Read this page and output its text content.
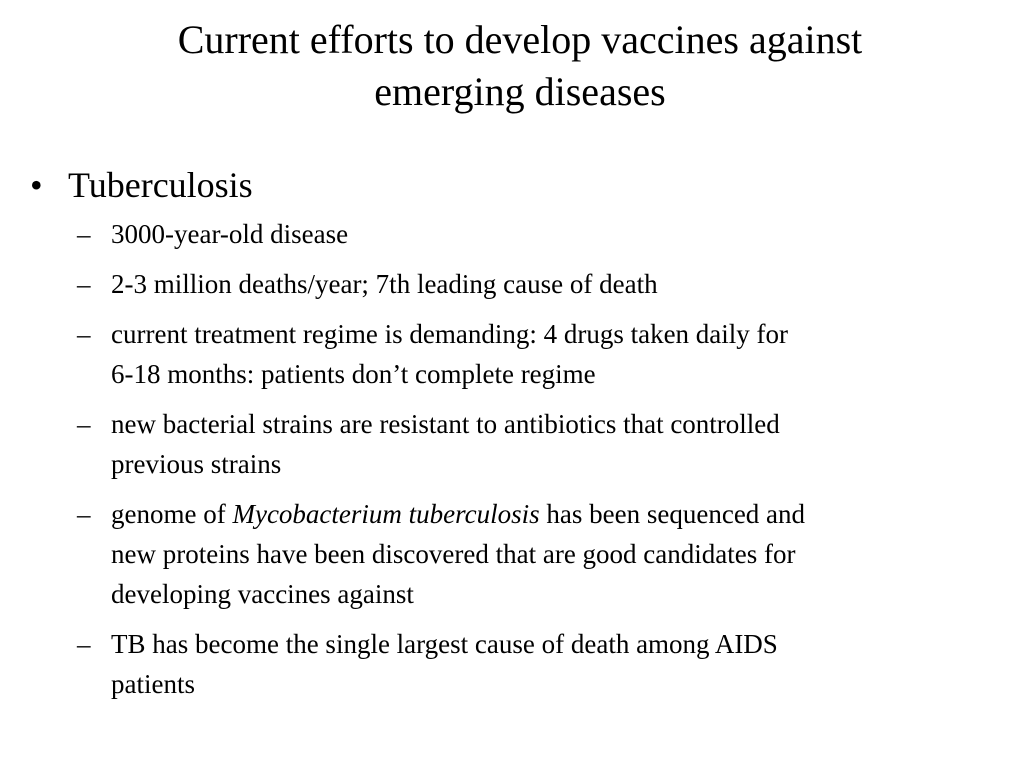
Current efforts to develop vaccines against
emerging diseases
• Tuberculosis
– 3000-year-old disease
– 2-3 million deaths/year; 7th leading cause of death
– current treatment regime is demanding: 4 drugs taken daily for
6-18 months: patients don’t complete regime
– new bacterial strains are resistant to antibiotics that controlled
previous strains
– genome of Mycobacterium tuberculosis has been sequenced and
new proteins have been discovered that are good candidates for
developing vaccines against
– TB has become the single largest cause of death among AIDS
patients
